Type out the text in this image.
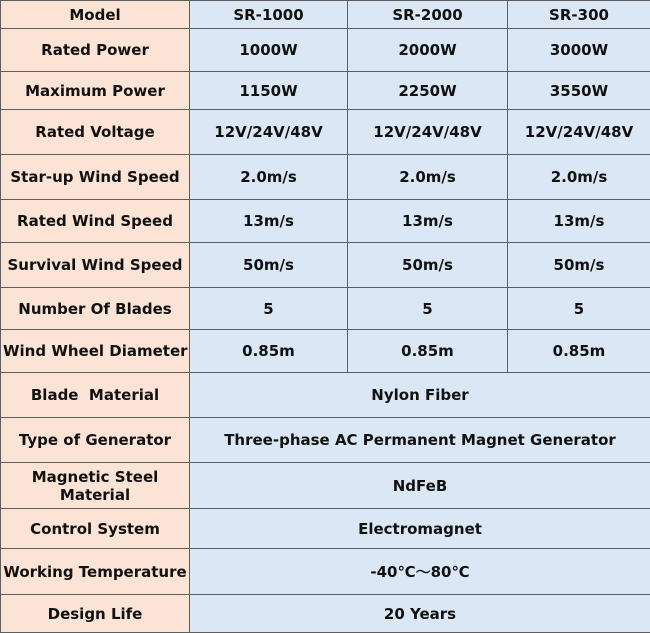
Model	SR-1000	SR-2000	SR-300
Rated Power	1000W	2000W	3000W
Maximum Power	1150W	2250W	3550W
Rated Voltage	12V/24V/48V	12V/24V/48V	12V/24V/48V
Star-up Wind Speed	2.0m/s	2.0m/s	2.0m/s
Rated Wind Speed	13m/s	13m/s	13m/s
Survival Wind Speed	50m/s	50m/s	50m/s
Number Of Blades	5	5	5
Wind Wheel Diameter	0.85m	0.85m	0.85m
Blade  Material	Nylon Fiber		
Type of Generator	Three-phase AC Permanent Magnet Generator		
Magnetic Steel Material	NdFeB		
Control System	Electromagnet		
Working Temperature	-40℃～80℃		
Design Life	20 Years		
